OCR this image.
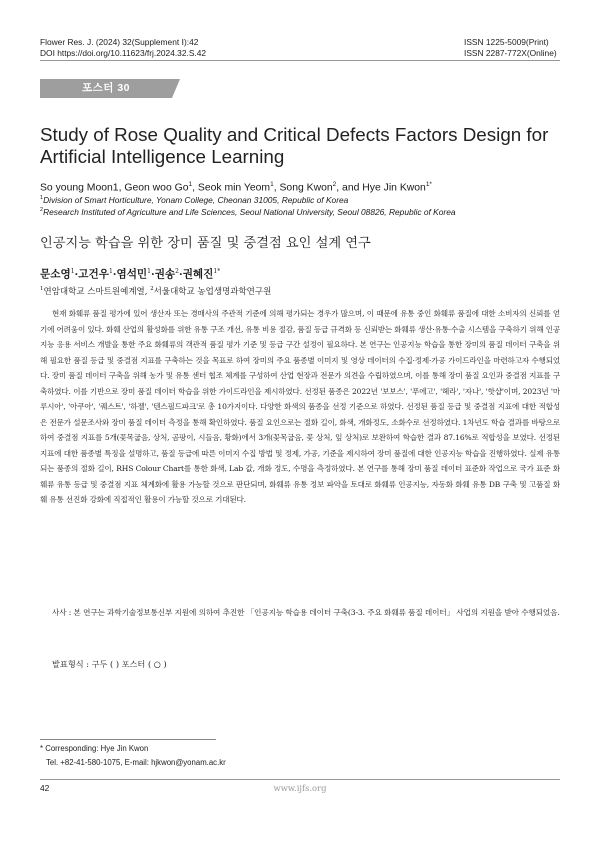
Flower Res. J. (2024) 32(Supplement Ⅰ):42
DOI https://doi.org/10.11623/frj.2024.32.S.42
ISSN 1225-5009(Print)
ISSN 2287-772X(Online)
포스터 30
Study of Rose Quality and Critical Defects Factors Design for Artificial Intelligence Learning
So young Moon1, Geon woo Go$^1$, Seok min Yeom$^1$, Song Kwon$^2$, and Hye Jin Kwon$^{1*}$
$^1$Division of Smart Horticulture, Yonam College, Cheonan 31005, Republic of Korea
$^2$Research Instituted of Agriculture and Life Sciences, Seoul National University, Seoul 08826, Republic of Korea
인공지능 학습을 위한 장미 품질 및 중결점 요인 설계 연구
문소영$^1$·고건우$^1$·염석민$^1$·권송$^2$·권혜진$^{1*}$
$^1$연암대학교 스마트원예계열, $^2$서울대학교 농업생명과학연구원

현재 화훼류 품질 평가에 있어 생산자 또는 경매사의 주관적 기준에 의해 평가되는 경우가 많으며, 이 때문에 유통 중인 화훼류 품질에 대한 소비자의 신뢰를 얻기에 어려움이 있다. 화훼 산업의 활성화를 위한 유통 구조 개선, 유통 비용 절감, 품질 등급 규격화 등 신뢰받는 화훼류 생산·유통·수출 시스템을 구축하기 위해 인공지능 응용 서비스 개발을 통한 주요 화훼류의 객관적 품질 평가 기준 및 등급 구간 설정이 필요하다. 본 연구는 인공지능 학습을 통한 장미의 품질 데이터 구축을 위해 필요한 품질 등급 및 중결점 지표를 구축하는 것을 목표로 하여 장미의 주요 품종별 이미지 및 영상 데이터의 수집·정제·가공 가이드라인을 마련하고자 수행되었다. 장미 품질 데이터 구축을 위해 농가 및 유통 센터 협조 체계를 구성하여 산업 현장과 전문가 의견을 수립하였으며, 이를 통해 장미 품질 요인과 중결점 지표를 구축하였다. 이를 기반으로 장미 품질 데이터 학습을 위한 가이드라인을 제시하였다. 선정된 품종은 2022년 '보보스', '푸에고', '헤라', '자나', '핫샵'이며, 2023년 '마루시아', '아쿠아', '퀘스트', '하젤', '텐스필드파크'로 총 10가지이다. 다양한 화색의 품종을 선정 기준으로 하였다. 선정된 품질 등급 및 중결점 지표에 대한 적합성은 전문가 설문조사와 장미 품질 데이터 측정을 통해 확인하였다. 품질 요인으로는 절화 길이, 화색, 개화정도, 소화수로 선정하였다. 1차년도 학습 결과를 바탕으로 하여 중결점 지표를 5개(꽃목굽음, 상처, 곰팡이, 시들음, 황화)에서 3개(꽃목굽음, 꽃 상처, 잎 상처)로 보완하여 학습한 결과 87.16%로 적합성을 보였다. 선정된 지표에 대한 품종별 특징을 설명하고, 품질 등급에 따른 이미지 수집 방법 및 정제, 가공, 기준을 제시하여 장미 품질에 대한 인공지능 학습을 진행하였다. 실제 유통되는 품종의 절화 길이, RHS Colour Chart를 통한 화색, Lab 값, 개화 정도, 수명을 측정하였다. 본 연구를 통해 장미 품질 데이터 표준화 작업으로 국가 표준 화훼류 유통 등급 및 중결점 지표 체계화에 활용 가능할 것으로 판단되며, 화훼류 유통 정보 파악을 토대로 화훼류 인공지능, 자동화 화훼 유통 DB 구축 및 고품질 화훼 유통 선진화 강화에 직접적인 활용이 가능할 것으로 기대된다.

사사 : 본 연구는 과학기술정보통신부 지원에 의하여 추진한 「인공지능 학습용 데이터 구축(3-3. 주요 화훼류 품질 데이터」 사업의 지원을 받아 수행되었음.

발표형식 : 구두 ( ) 포스터 ( ○ )
* Corresponding: Hye Jin Kwon
Tel. +82-41-580-1075, E-mail: hjkwon@yonam.ac.kr
42	www.ijfs.org
